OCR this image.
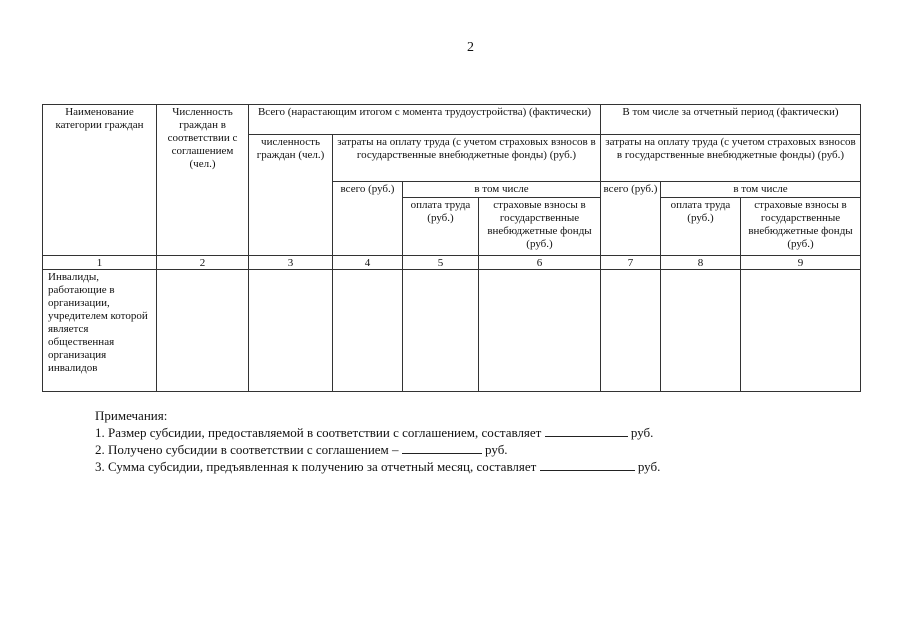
2
Наименование категории граждан	Численность граждан в соответствии с соглашением (чел.)	Всего (нарастающим итогом с момента трудоустройства) (фактически)				В том числе за отчетный период (фактически)		
		численность граждан (чел.)	затраты на оплату труда (с учетом страховых взносов в государственные внебюджетные фонды) (руб.)			затраты на оплату труда (с учетом страховых взносов в государственные внебюджетные фонды) (руб.)		
			всего (руб.)	в том числе		всего (руб.)	в том числе	
				оплата труда (руб.)	страховые взносы в государственные внебюджетные фонды (руб.)		оплата труда (руб.)	страховые взносы в государственные внебюджетные фонды (руб.)
1	2	3	4	5	6	7	8	9
Инвалиды, работающие в организации, учредителем которой является общественная организация инвалидов								
Примечания:
1. Размер субсидии, предоставляемой в соответствии с соглашением, составляет	руб.
2. Получено субсидии в соответствии с соглашением –	руб.
3. Сумма субсидии, предъявленная к получению за отчетный месяц, составляет	руб.
